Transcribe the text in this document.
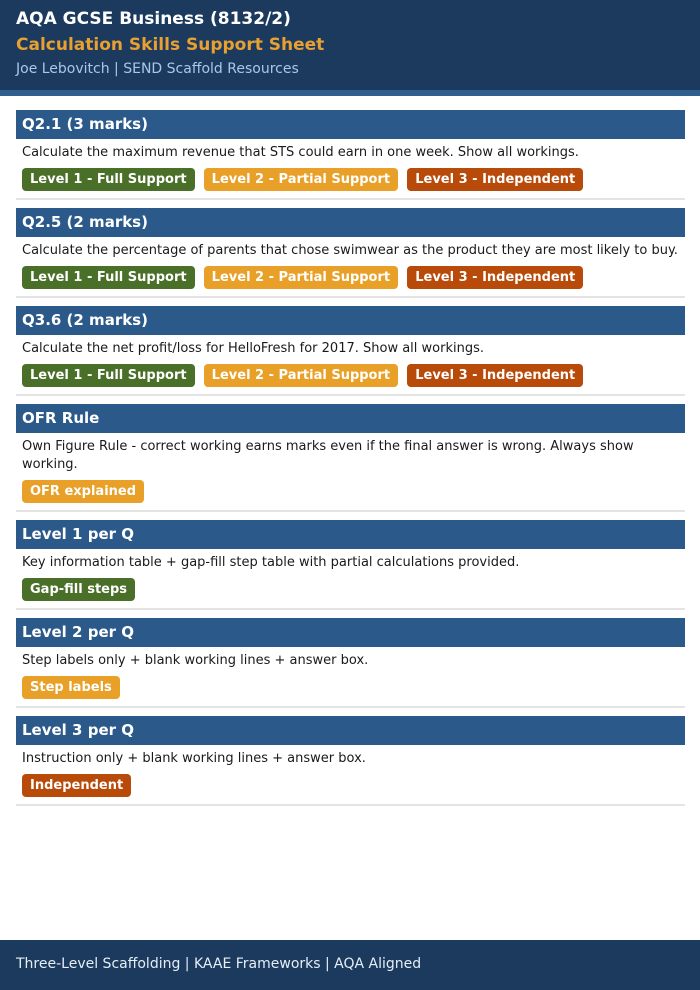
AQA GCSE Business (8132/2)
Calculation Skills Support Sheet
Joe Lebovitch | SEND Scaffold Resources
Q2.1 (3 marks)
Calculate the maximum revenue that STS could earn in one week. Show all workings.
Level 1 - Full Support Level 2 - Partial Support Level 3 - Independent
Q2.5 (2 marks)
Calculate the percentage of parents that chose swimwear as the product they are most likely to buy.
Level 1 - Full Support Level 2 - Partial Support Level 3 - Independent
Q3.6 (2 marks)
Calculate the net profit/loss for HelloFresh for 2017. Show all workings.
Level 1 - Full Support Level 2 - Partial Support Level 3 - Independent
OFR Rule
Own Figure Rule - correct working earns marks even if the final answer is wrong. Always show working.
OFR explained
Level 1 per Q
Key information table + gap-fill step table with partial calculations provided.
Gap-fill steps
Level 2 per Q
Step labels only + blank working lines + answer box.
Step labels
Level 3 per Q
Instruction only + blank working lines + answer box.
Independent
Three-Level Scaffolding | KAAE Frameworks | AQA Aligned
